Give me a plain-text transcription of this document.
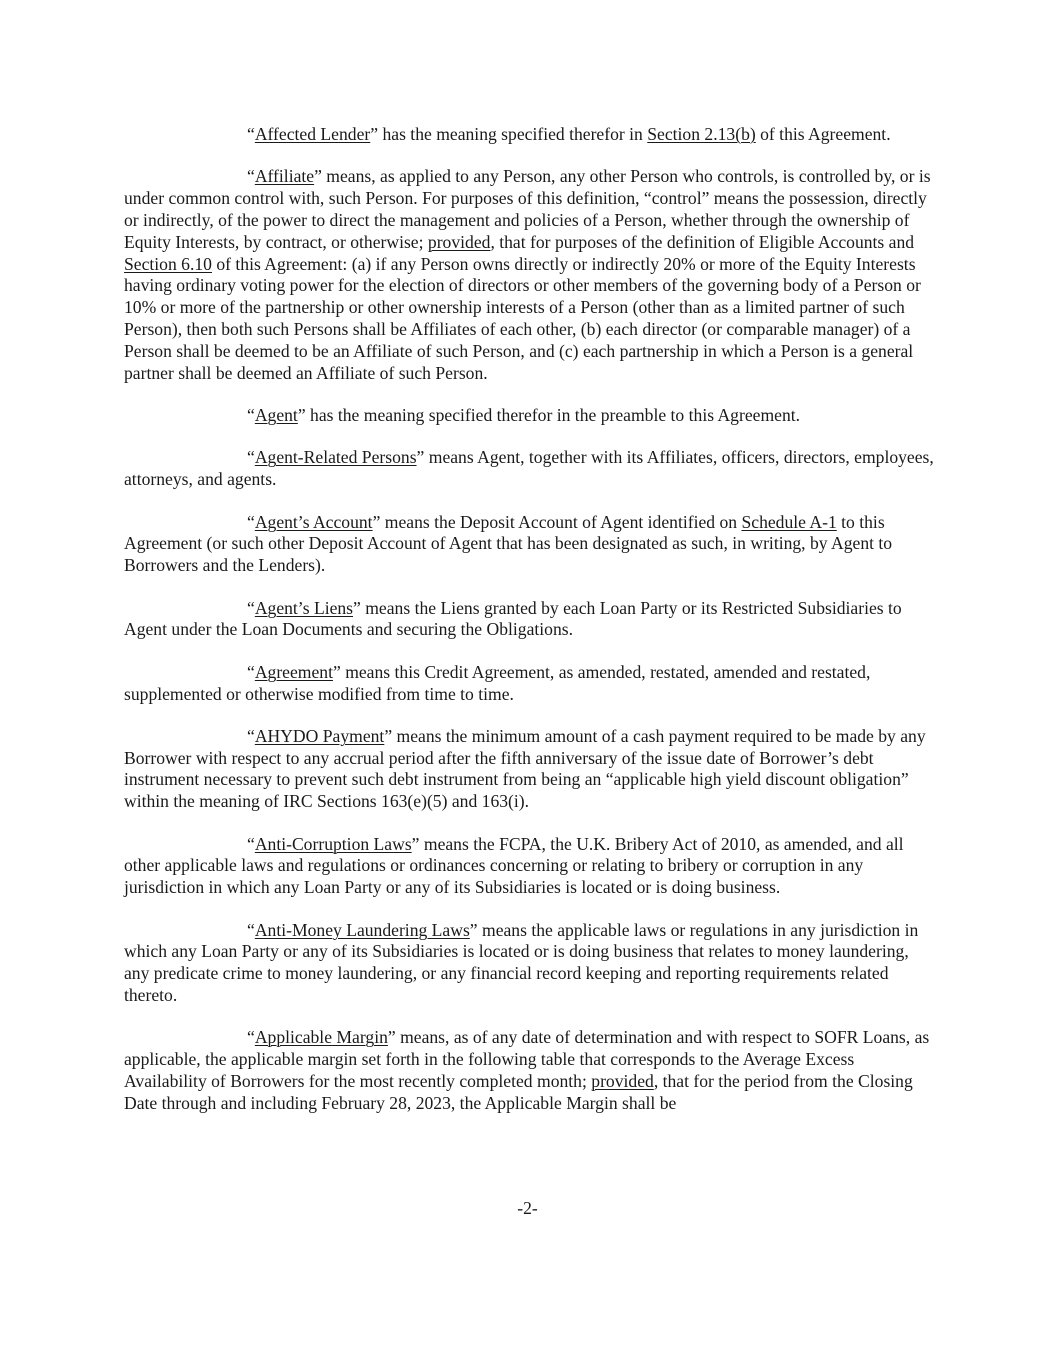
“Affected Lender” has the meaning specified therefor in Section 2.13(b) of this Agreement.

“Affiliate” means, as applied to any Person, any other Person who controls, is controlled by, or is under common control with, such Person. For purposes of this definition, “control” means the possession, directly or indirectly, of the power to direct the management and policies of a Person, whether through the ownership of Equity Interests, by contract, or otherwise; provided, that for purposes of the definition of Eligible Accounts and Section 6.10 of this Agreement: (a) if any Person owns directly or indirectly 20% or more of the Equity Interests having ordinary voting power for the election of directors or other members of the governing body of a Person or 10% or more of the partnership or other ownership interests of a Person (other than as a limited partner of such Person), then both such Persons shall be Affiliates of each other, (b) each director (or comparable manager) of a Person shall be deemed to be an Affiliate of such Person, and (c) each partnership in which a Person is a general partner shall be deemed an Affiliate of such Person.

“Agent” has the meaning specified therefor in the preamble to this Agreement.

“Agent-Related Persons” means Agent, together with its Affiliates, officers, directors, employees, attorneys, and agents.

“Agent’s Account” means the Deposit Account of Agent identified on Schedule A-1 to this Agreement (or such other Deposit Account of Agent that has been designated as such, in writing, by Agent to Borrowers and the Lenders).

“Agent’s Liens” means the Liens granted by each Loan Party or its Restricted Subsidiaries to Agent under the Loan Documents and securing the Obligations.

“Agreement” means this Credit Agreement, as amended, restated, amended and restated, supplemented or otherwise modified from time to time.

“AHYDO Payment” means the minimum amount of a cash payment required to be made by any Borrower with respect to any accrual period after the fifth anniversary of the issue date of Borrower’s debt instrument necessary to prevent such debt instrument from being an “applicable high yield discount obligation” within the meaning of IRC Sections 163(e)(5) and 163(i).

“Anti-Corruption Laws” means the FCPA, the U.K. Bribery Act of 2010, as amended, and all other applicable laws and regulations or ordinances concerning or relating to bribery or corruption in any jurisdiction in which any Loan Party or any of its Subsidiaries is located or is doing business.

“Anti-Money Laundering Laws” means the applicable laws or regulations in any jurisdiction in which any Loan Party or any of its Subsidiaries is located or is doing business that relates to money laundering, any predicate crime to money laundering, or any financial record keeping and reporting requirements related thereto.

“Applicable Margin” means, as of any date of determination and with respect to SOFR Loans, as applicable, the applicable margin set forth in the following table that corresponds to the Average Excess Availability of Borrowers for the most recently completed month; provided, that for the period from the Closing Date through and including February 28, 2023, the Applicable Margin shall be

-2-
